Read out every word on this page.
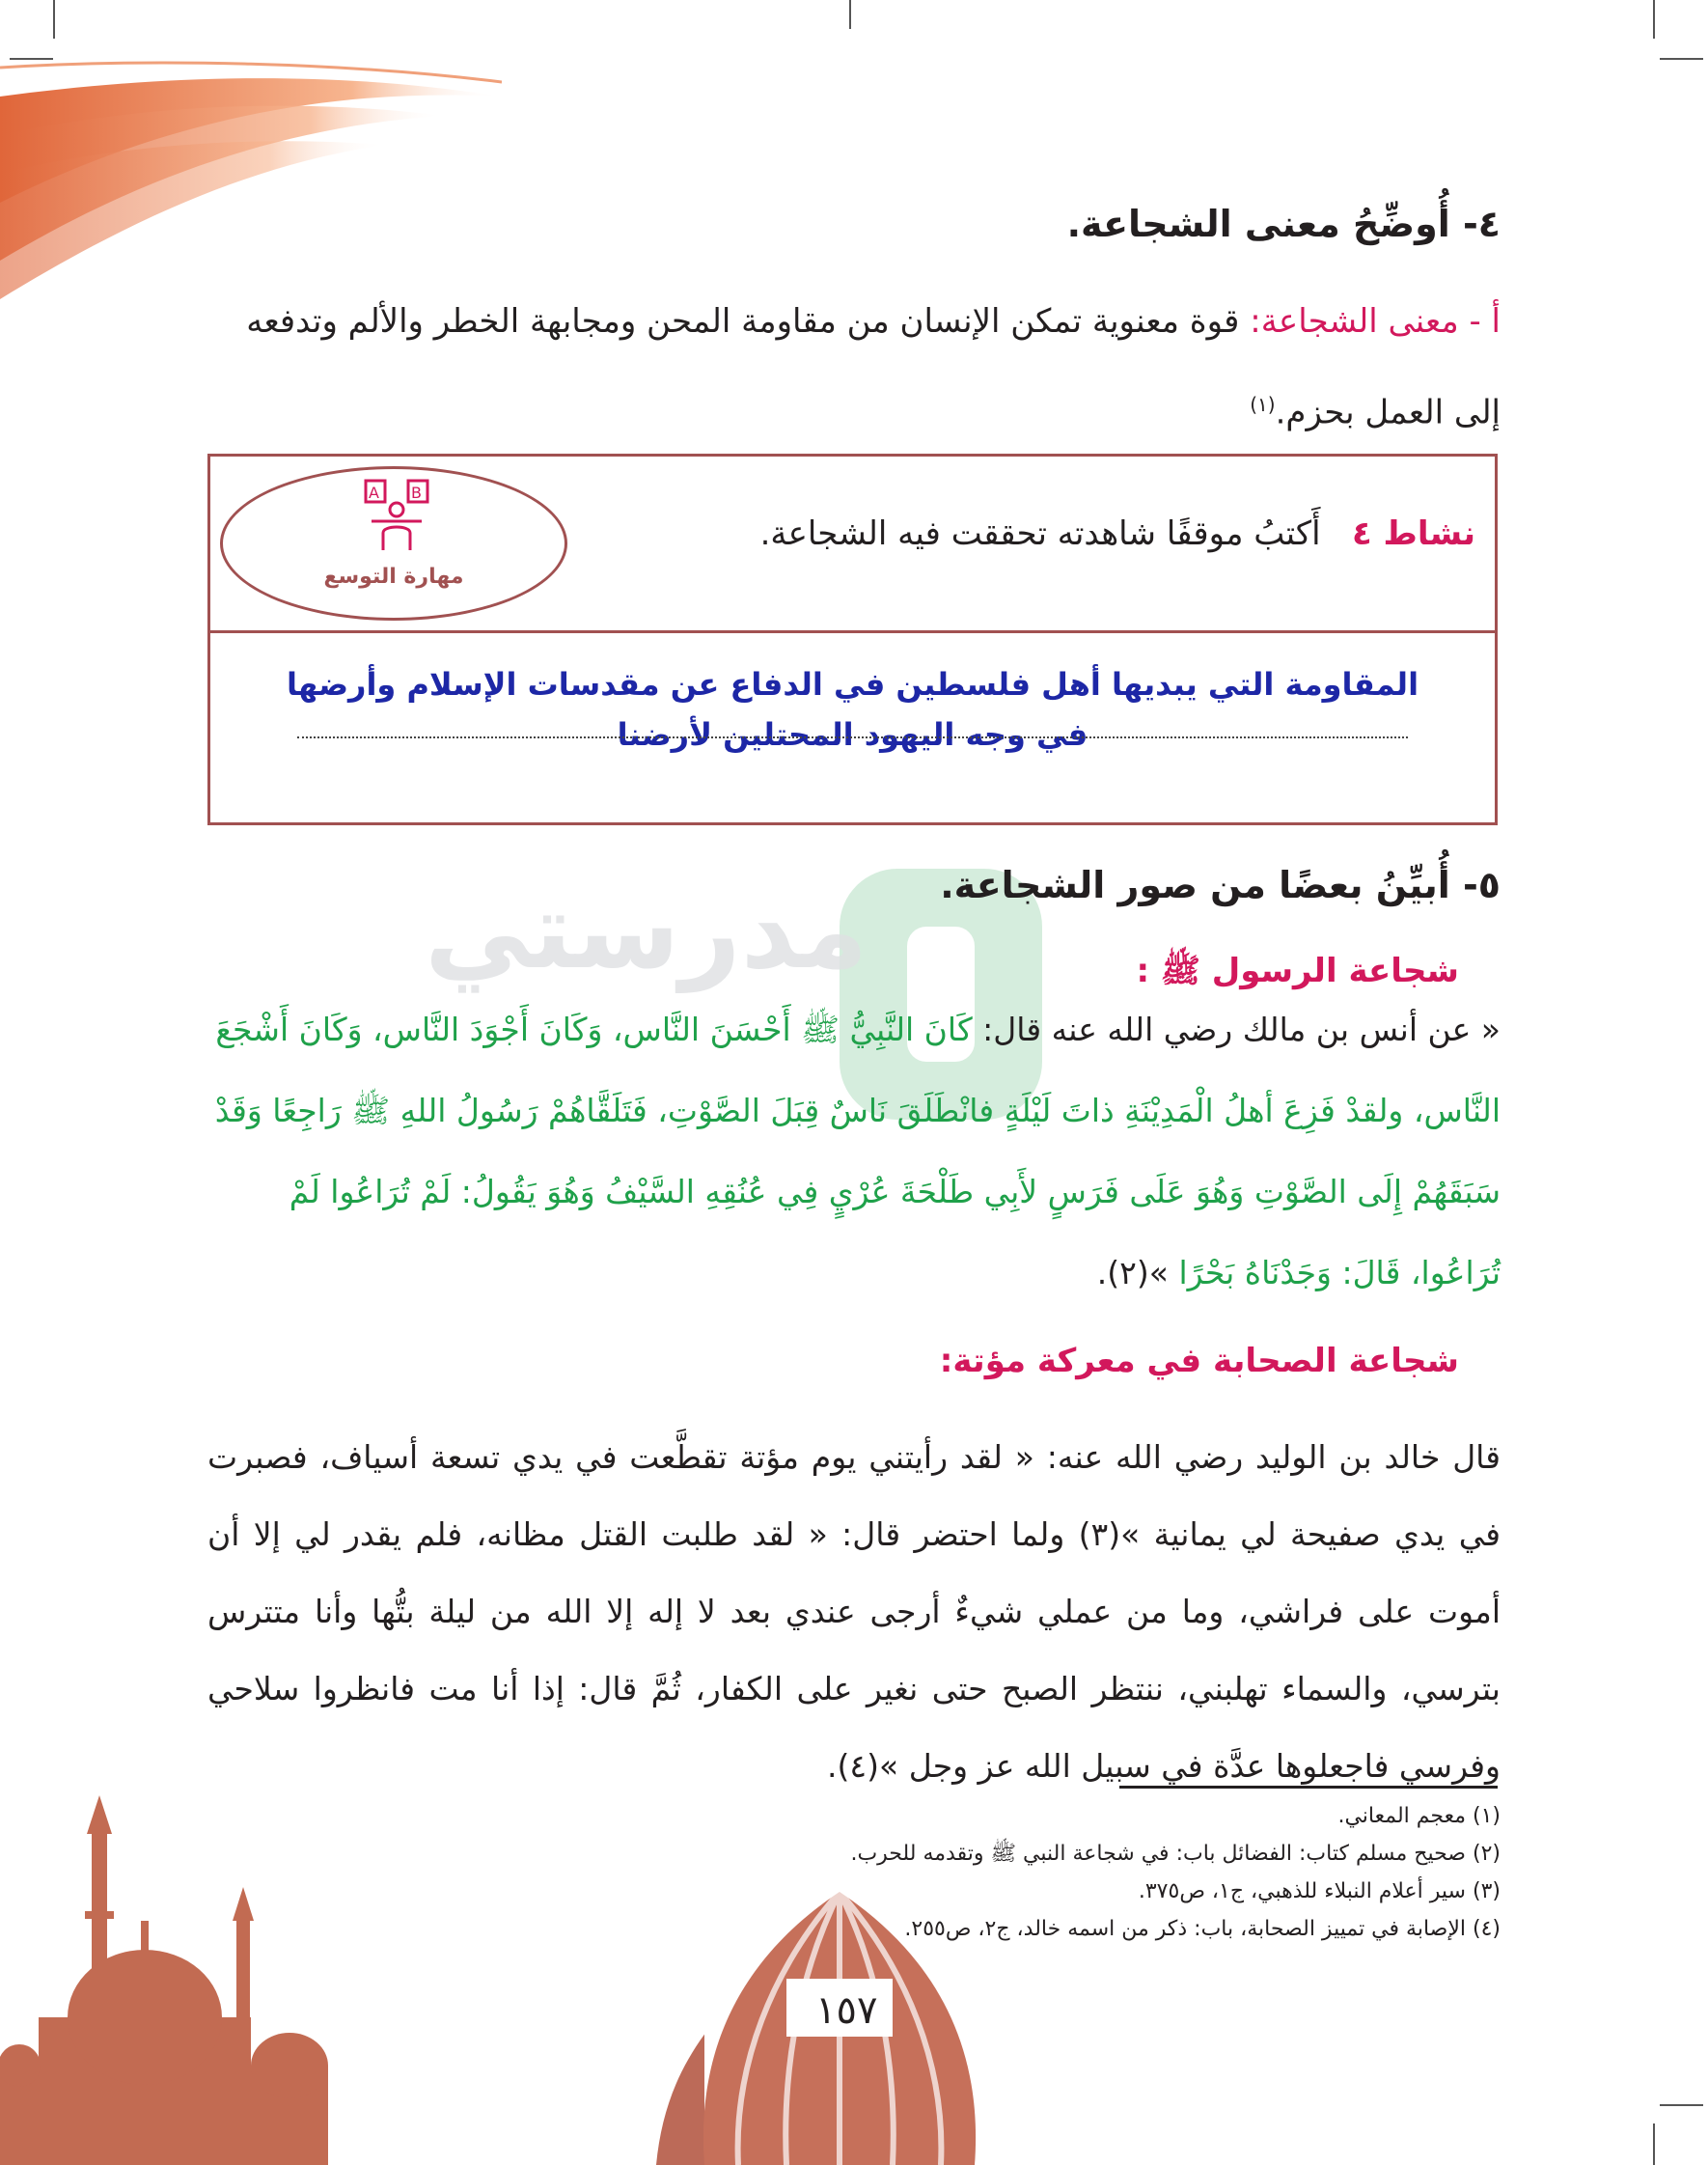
مدرستي
٤- أُوضِّحُ معنى الشجاعة.
أ - معنى الشجاعة: قوة معنوية تمكن الإنسان من مقاومة المحن ومجابهة الخطر والألم وتدفعه إلى العمل بحزم.$^{(١)}$
A B
مهارة التوسع
نشاط ٤   أَكتبُ موقفًا شاهدته تحققت فيه الشجاعة.
المقاومة التي يبديها أهل فلسطين في الدفاع عن مقدسات الإسلام وأرضها في وجه اليهود المحتلين لأرضنا
٥- أُبيِّنُ بعضًا من صور الشجاعة.
شجاعة الرسول ﷺ :
« عن أنس بن مالك رضي الله عنه قال: كَانَ النَّبِيُّ ﷺ أَحْسَنَ النَّاس، وَكَانَ أَجْوَدَ النَّاس، وَكَانَ أَشْجَعَ النَّاس، ولقدْ فَزِعَ أهلُ الْمَدِيْنَةِ ذاتَ لَيْلَةٍ فانْطَلَقَ نَاسٌ قِبَلَ الصَّوْتِ، فَتَلَقَّاهُمْ رَسُولُ اللهِ ﷺ رَاجِعًا وَقَدْ سَبَقَهُمْ إِلَى الصَّوْتِ وَهُوَ عَلَى فَرَسٍ لأَبِي طَلْحَةَ عُرْيٍ فِي عُنُقِهِ السَّيْفُ وَهُوَ يَقُولُ: لَمْ تُرَاعُوا لَمْ تُرَاعُوا، قَالَ: وَجَدْنَاهُ بَحْرًا »(٢).
شجاعة الصحابة في معركة مؤتة:
قال خالد بن الوليد رضي الله عنه: « لقد رأيتني يوم مؤتة تقطَّعت في يدي تسعة أسياف، فصبرت في يدي صفيحة لي يمانية »(٣) ولما احتضر قال: « لقد طلبت القتل مظانه، فلم يقدر لي إلا أن أموت على فراشي، وما من عملي شيءٌ أرجى عندي بعد لا إله إلا الله من ليلة بتُّها وأنا متترس بترسي، والسماء تهلبني، ننتظر الصبح حتى نغير على الكفار، ثُمَّ قال: إذا أنا مت فانظروا سلاحي وفرسي فاجعلوها عدَّة في سبيل الله عز وجل »(٤).
(١) معجم المعاني.
(٢) صحيح مسلم كتاب: الفضائل باب: في شجاعة النبي ﷺ وتقدمه للحرب.
(٣) سير أعلام النبلاء للذهبي، ج١، ص٣٧٥.
(٤) الإصابة في تمييز الصحابة، باب: ذكر من اسمه خالد، ج٢، ص٢٥٥.
١٥٧
